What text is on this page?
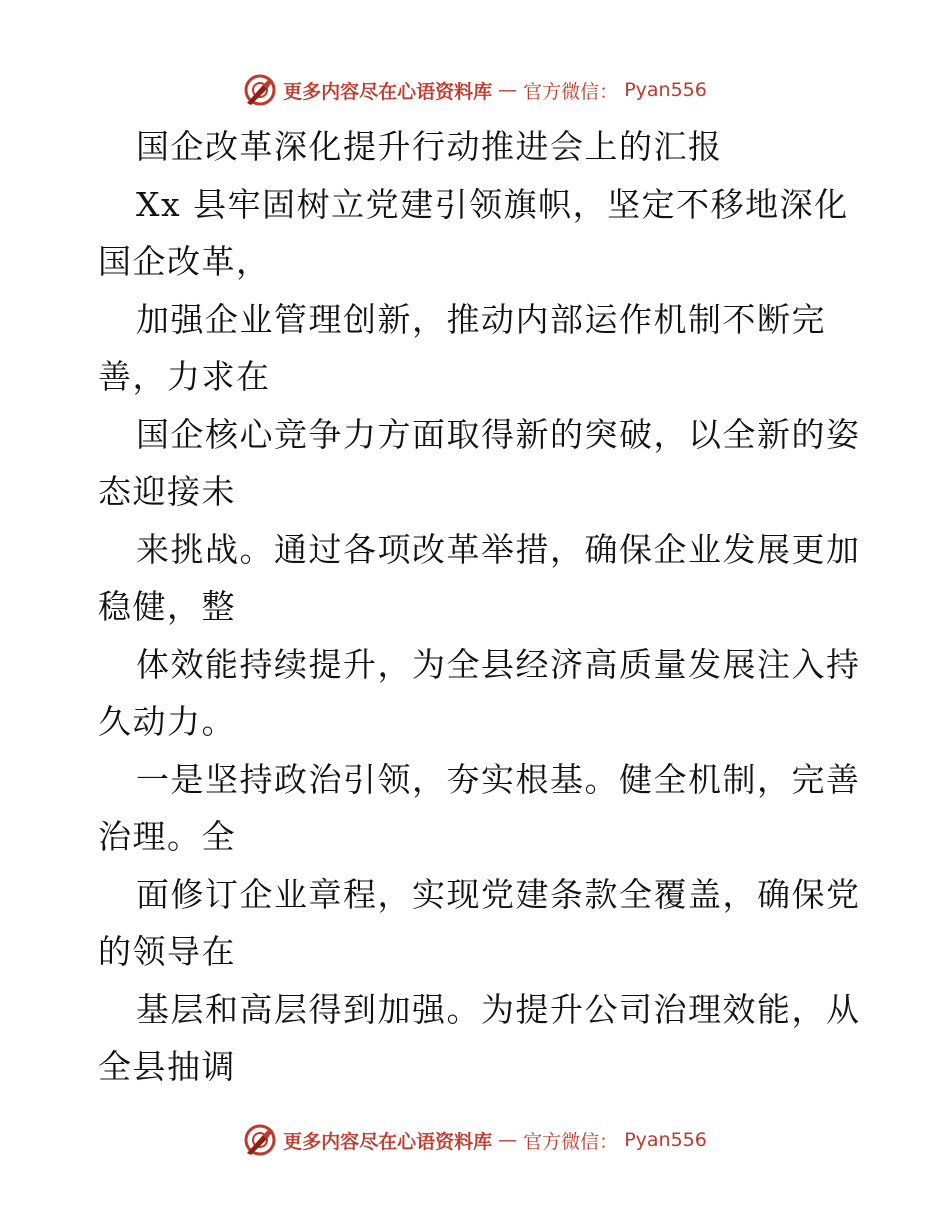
更多内容尽在心语资料库 — 官方微信： Pyan556
国企改革深化提升行动推进会上的汇报
Xx 县牢固树立党建引领旗帜，坚定不移地深化
国企改革，
加强企业管理创新，推动内部运作机制不断完
善，力求在
国企核心竞争力方面取得新的突破，以全新的姿
态迎接未
来挑战。通过各项改革举措，确保企业发展更加
稳健，整
体效能持续提升，为全县经济高质量发展注入持
久动力。
一是坚持政治引领，夯实根基。健全机制，完善
治理。全
面修订企业章程，实现党建条款全覆盖，确保党
的领导在
基层和高层得到加强。为提升公司治理效能，从
全县抽调
更多内容尽在心语资料库 — 官方微信： Pyan556
